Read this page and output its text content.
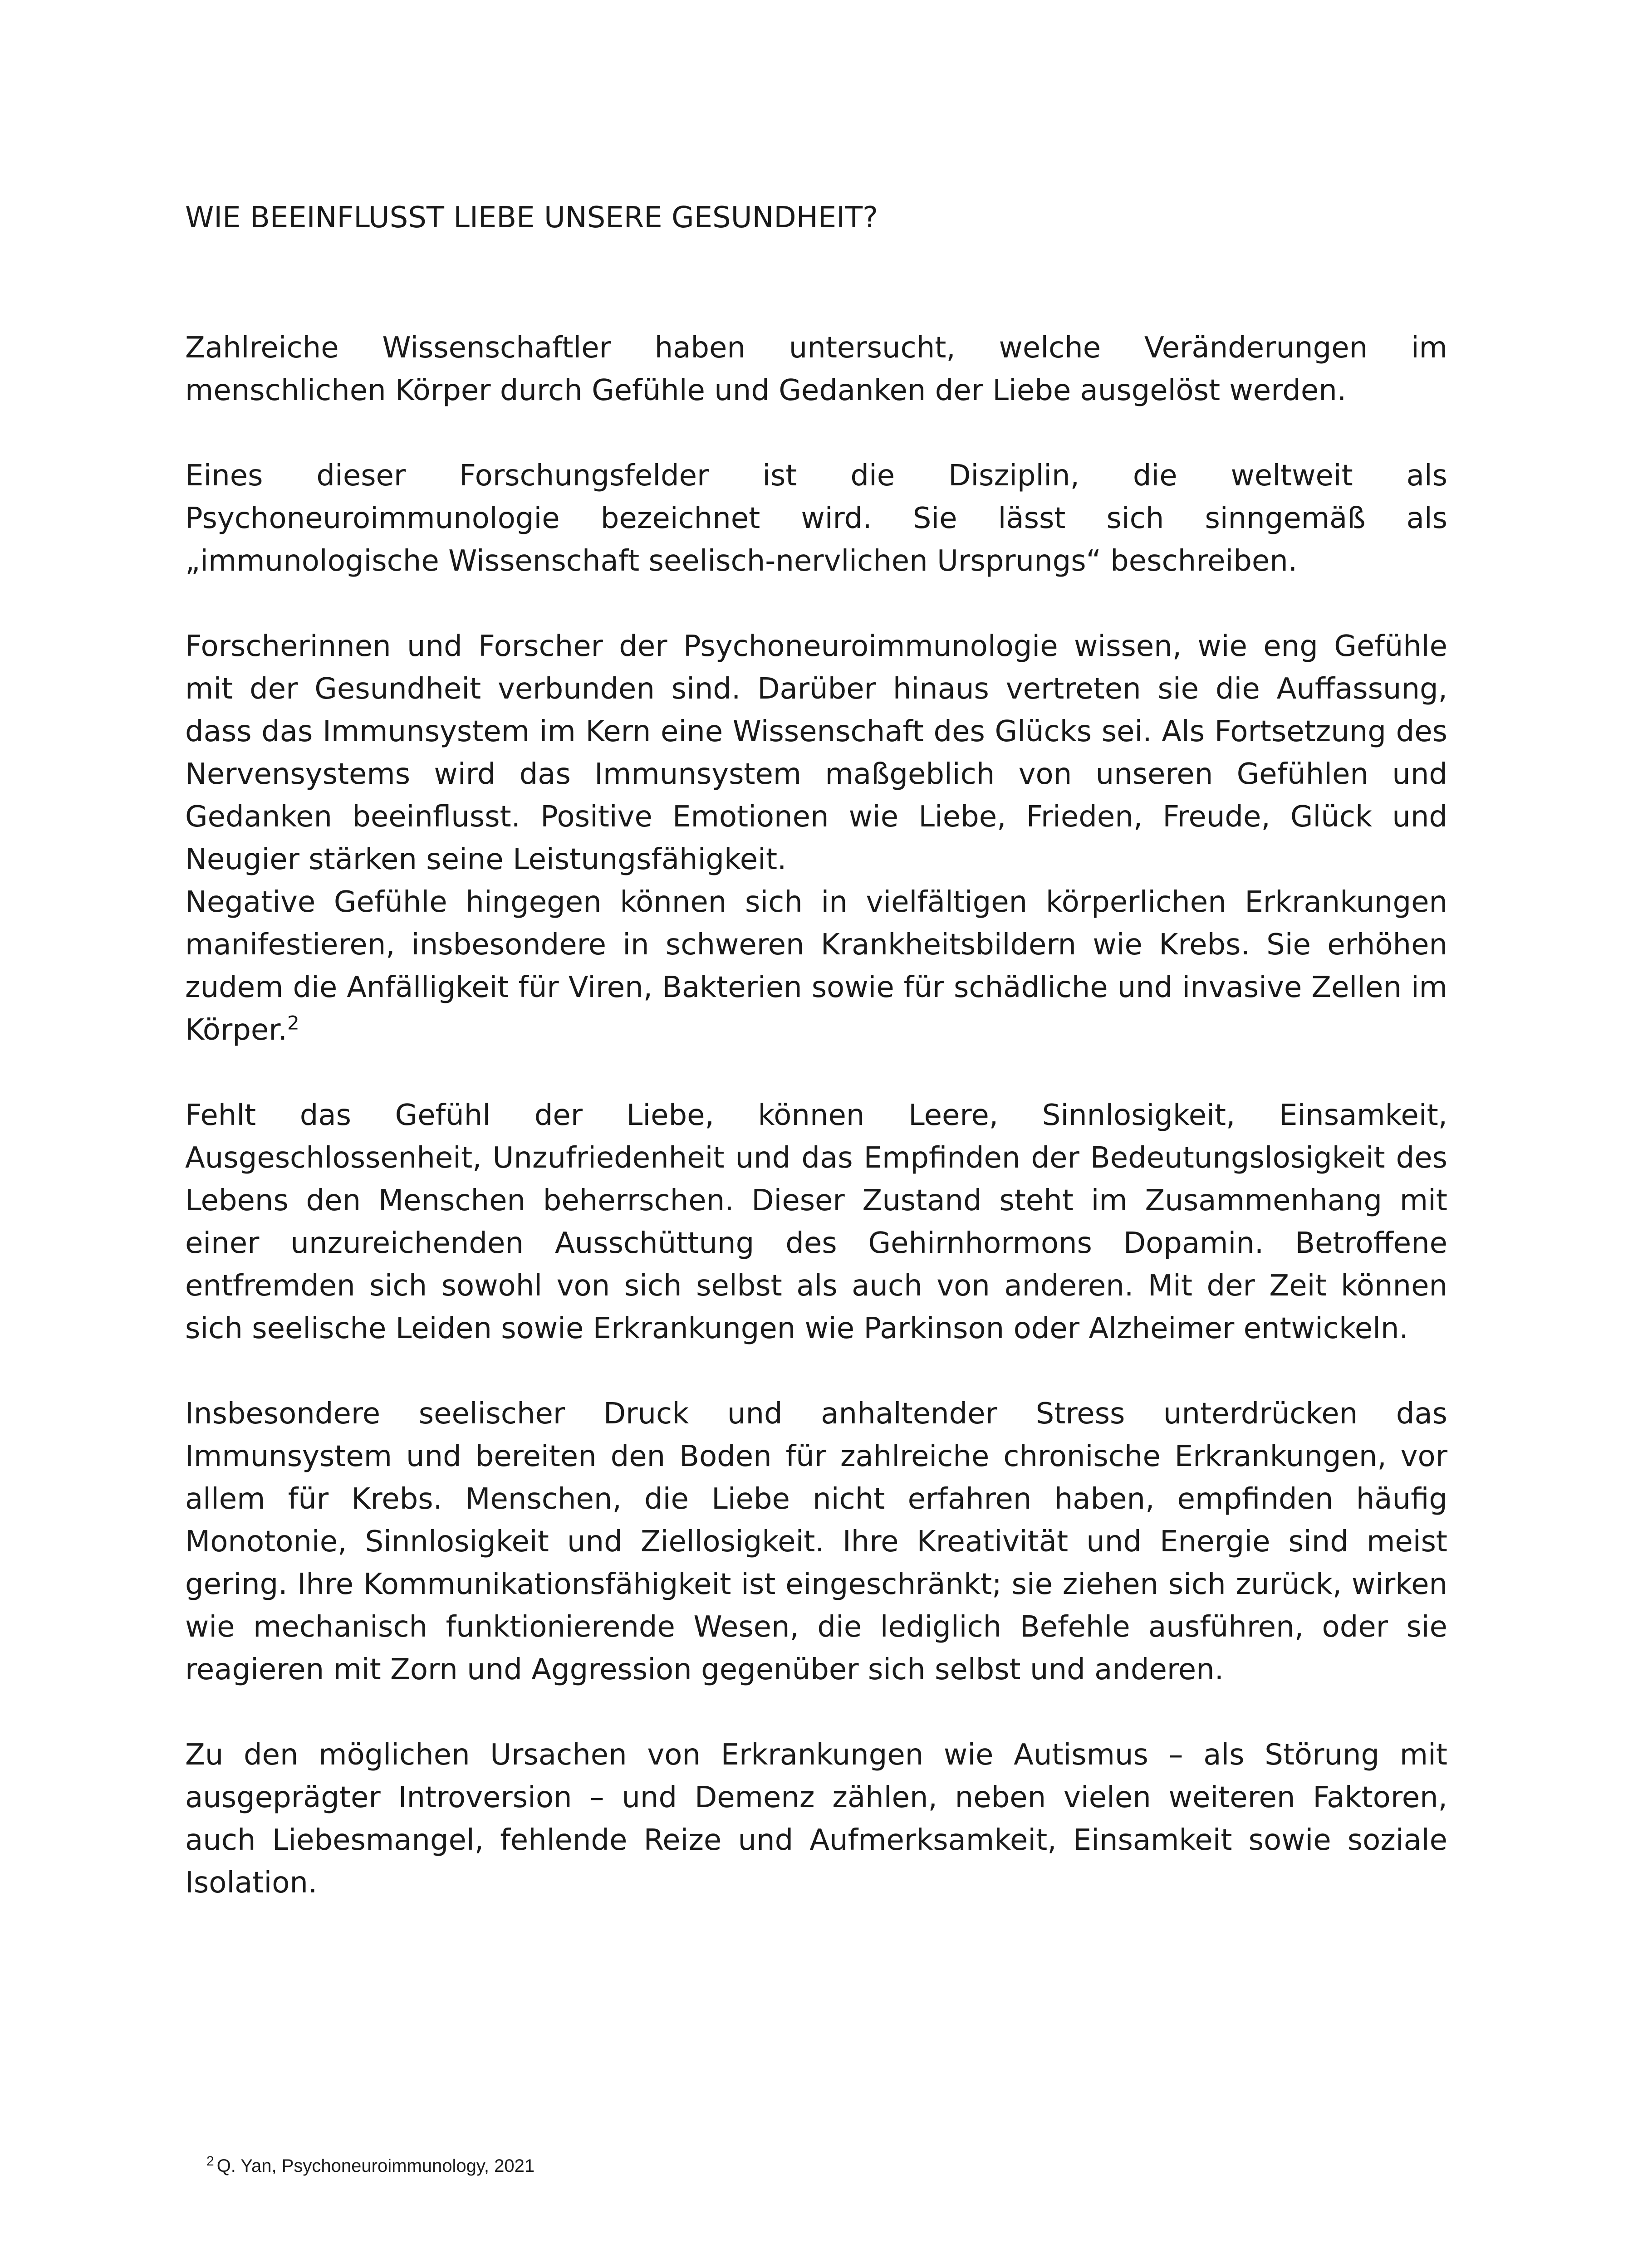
WIE BEEINFLUSST LIEBE UNSERE GESUNDHEIT?

Zahlreiche Wissenschaftler haben untersucht, welche Veränderungen im menschlichen Körper durch Gefühle und Gedanken der Liebe ausgelöst werden.

Eines dieser Forschungsfelder ist die Disziplin, die weltweit als Psychoneuroimmunologie bezeichnet wird. Sie lässt sich sinngemäß als „immunologische Wissenschaft seelisch-nervlichen Ursprungs“ beschreiben.

Forscherinnen und Forscher der Psychoneuroimmunologie wissen, wie eng Gefühle mit der Gesundheit verbunden sind. Darüber hinaus vertreten sie die Auffassung, dass das Immunsystem im Kern eine Wissenschaft des Glücks sei. Als Fortsetzung des Nervensystems wird das Immunsystem maßgeblich von unseren Gefühlen und Gedanken beeinflusst. Positive Emotionen wie Liebe, Frieden, Freude, Glück und Neugier stärken seine Leistungsfähigkeit.

Negative Gefühle hingegen können sich in vielfältigen körperlichen Erkrankungen manifestieren, insbesondere in schweren Krankheitsbildern wie Krebs. Sie erhöhen zudem die Anfälligkeit für Viren, Bakterien sowie für schädliche und invasive Zellen im Körper.$^2$

Fehlt das Gefühl der Liebe, können Leere, Sinnlosigkeit, Einsamkeit, Ausgeschlossenheit, Unzufriedenheit und das Empfinden der Bedeutungslosigkeit des Lebens den Menschen beherrschen. Dieser Zustand steht im Zusammenhang mit einer unzureichenden Ausschüttung des Gehirnhormons Dopamin. Betroffene entfremden sich sowohl von sich selbst als auch von anderen. Mit der Zeit können sich seelische Leiden sowie Erkrankungen wie Parkinson oder Alzheimer entwickeln.

Insbesondere seelischer Druck und anhaltender Stress unterdrücken das Immunsystem und bereiten den Boden für zahlreiche chronische Erkrankungen, vor allem für Krebs. Menschen, die Liebe nicht erfahren haben, empfinden häufig Monotonie, Sinnlosigkeit und Ziellosigkeit. Ihre Kreativität und Energie sind meist gering. Ihre Kommunikationsfähigkeit ist eingeschränkt; sie ziehen sich zurück, wirken wie mechanisch funktionierende Wesen, die lediglich Befehle ausführen, oder sie reagieren mit Zorn und Aggression gegenüber sich selbst und anderen.

Zu den möglichen Ursachen von Erkrankungen wie Autismus – als Störung mit ausgeprägter Introversion – und Demenz zählen, neben vielen weiteren Faktoren, auch Liebesmangel, fehlende Reize und Aufmerksamkeit, Einsamkeit sowie soziale Isolation.

$^2$ Q. Yan, Psychoneuroimmunology, 2021
